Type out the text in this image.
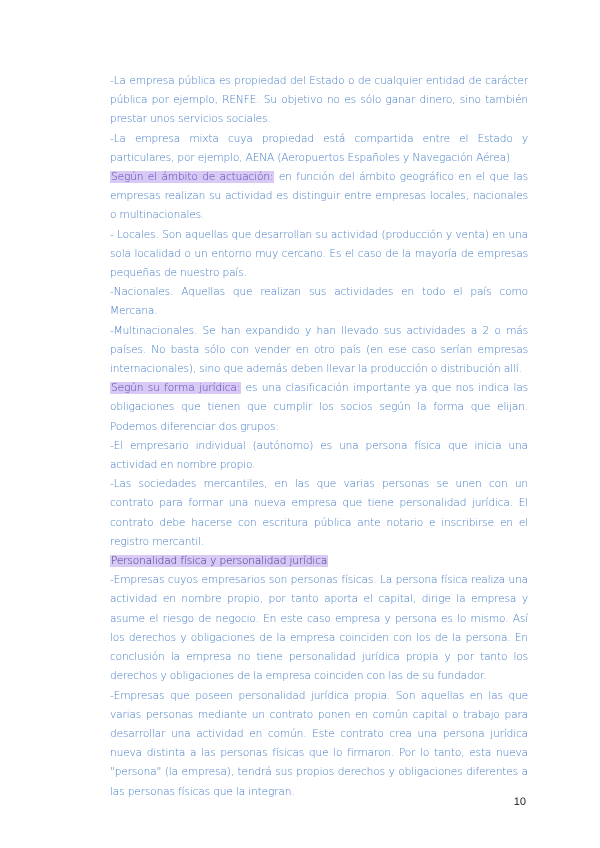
-La empresa pública es propiedad del Estado o de cualquier entidad de carácter pública por ejemplo, RENFE. Su objetivo no es sólo ganar dinero, sino también prestar unos servicios sociales.

-La empresa mixta cuya propiedad está compartida entre el Estado y particulares, por ejemplo, AENA (Aeropuertos Españoles y Navegación Aérea)

Según el ámbito de actuación: en función del ámbito geográfico en el que las empresas realizan su actividad es distinguir entre empresas locales, nacionales o multinacionales.

- Locales. Son aquellas que desarrollan su actividad (producción y venta) en una sola localidad o un entorno muy cercano. Es el caso de la mayoría de empresas pequeñas de nuestro país.

-Nacionales. Aquellas que realizan sus actividades en todo el país como Mercana.

-Multinacionales. Se han expandido y han llevado sus actividades a 2 o más países. No basta sólo con vender en otro país (en ese caso serían empresas internacionales), sino que además deben llevar la producción o distribución allí.

Según su forma jurídica: es una clasificación importante ya que nos indica las obligaciones que tienen que cumplir los socios según la forma que elijan. Podemos diferenciar dos grupos:

-El empresario individual (autónomo) es una persona física que inicia una actividad en nombre propio.

-Las sociedades mercantiles, en las que varias personas se unen con un contrato para formar una nueva empresa que tiene personalidad jurídica. El contrato debe hacerse con escritura pública ante notario e inscribirse en el registro mercantil.

Personalidad física y personalidad jurídica

-Empresas cuyos empresarios son personas físicas. La persona física realiza una actividad en nombre propio, por tanto aporta el capital, dirige la empresa y asume el riesgo de negocio. En este caso empresa y persona es lo mismo. Así los derechos y obligaciones de la empresa coinciden con los de la persona. En conclusión la empresa no tiene personalidad jurídica propia y por tanto los derechos y obligaciones de la empresa coinciden con las de su fundador.

-Empresas que poseen personalidad jurídica propia. Son aquellas en las que varias personas mediante un contrato ponen en común capital o trabajo para desarrollar una actividad en común. Este contrato crea una persona jurídica nueva distinta a las personas físicas que lo firmaron. Por lo tanto, esta nueva "persona" (la empresa), tendrá sus propios derechos y obligaciones diferentes a las personas físicas que la integran.

10
